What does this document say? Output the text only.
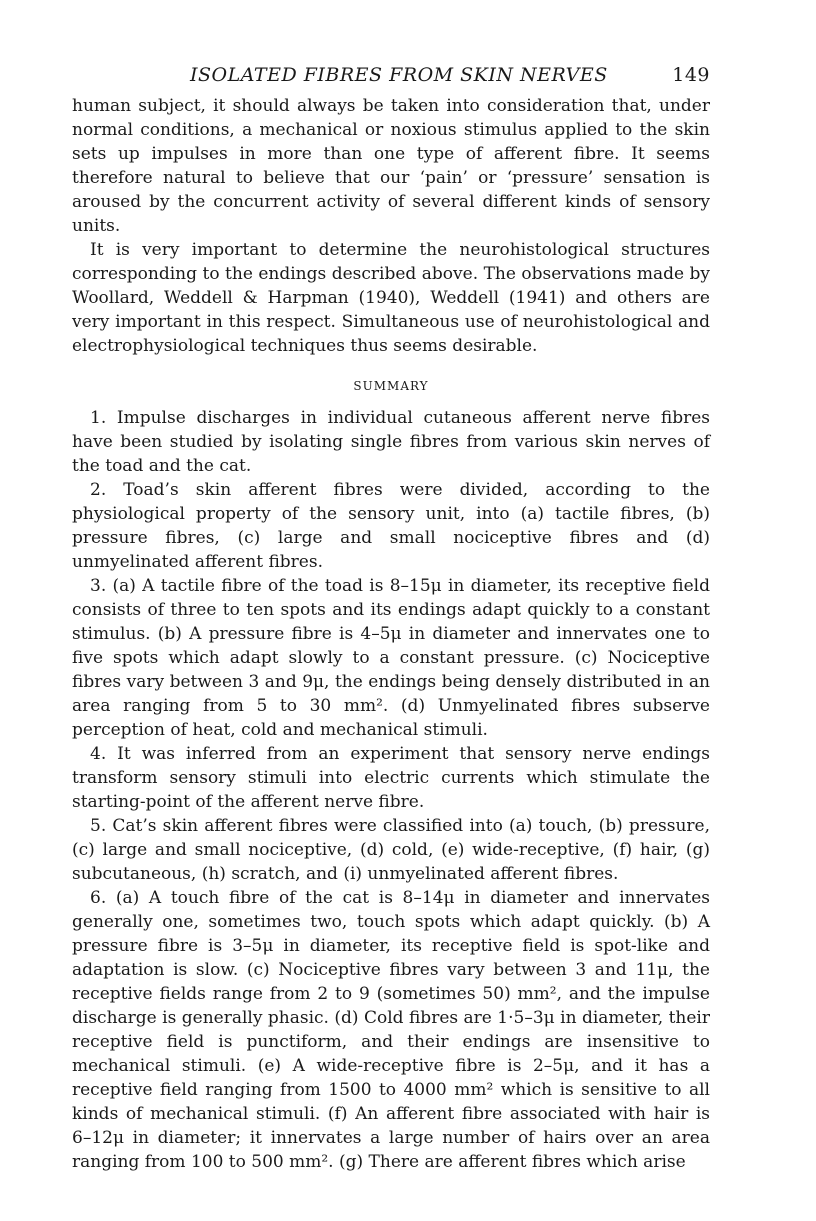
ISOLATED FIBRES FROM SKIN NERVES	149

human subject, it should always be taken into consideration that, under normal conditions, a mechanical or noxious stimulus applied to the skin sets up impulses in more than one type of afferent fibre. It seems therefore natural to believe that our ‘pain’ or ‘pressure’ sensation is aroused by the concurrent activity of several different kinds of sensory units.

It is very important to determine the neurohistological structures corresponding to the endings described above. The observations made by Woollard, Weddell & Harpman (1940), Weddell (1941) and others are very important in this respect. Simultaneous use of neurohistological and electrophysiological techniques thus seems desirable.

SUMMARY

1. Impulse discharges in individual cutaneous afferent nerve fibres have been studied by isolating single fibres from various skin nerves of the toad and the cat.

2. Toad’s skin afferent fibres were divided, according to the physiological property of the sensory unit, into (a) tactile fibres, (b) pressure fibres, (c) large and small nociceptive fibres and (d) unmyelinated afferent fibres.

3. (a) A tactile fibre of the toad is 8–15μ in diameter, its receptive field consists of three to ten spots and its endings adapt quickly to a constant stimulus. (b) A pressure fibre is 4–5μ in diameter and innervates one to five spots which adapt slowly to a constant pressure. (c) Nociceptive fibres vary between 3 and 9μ, the endings being densely distributed in an area ranging from 5 to 30 mm². (d) Unmyelinated fibres subserve perception of heat, cold and mechanical stimuli.

4. It was inferred from an experiment that sensory nerve endings transform sensory stimuli into electric currents which stimulate the starting-point of the afferent nerve fibre.

5. Cat’s skin afferent fibres were classified into (a) touch, (b) pressure, (c) large and small nociceptive, (d) cold, (e) wide-receptive, (f) hair, (g) subcutaneous, (h) scratch, and (i) unmyelinated afferent fibres.

6. (a) A touch fibre of the cat is 8–14μ in diameter and innervates generally one, sometimes two, touch spots which adapt quickly. (b) A pressure fibre is 3–5μ in diameter, its receptive field is spot-like and adaptation is slow. (c) Nociceptive fibres vary between 3 and 11μ, the receptive fields range from 2 to 9 (sometimes 50) mm², and the impulse discharge is generally phasic. (d) Cold fibres are 1·5–3μ in diameter, their receptive field is punctiform, and their endings are insensitive to mechanical stimuli. (e) A wide-receptive fibre is 2–5μ, and it has a receptive field ranging from 1500 to 4000 mm² which is sensitive to all kinds of mechanical stimuli. (f) An afferent fibre associated with hair is 6–12μ in diameter; it innervates a large number of hairs over an area ranging from 100 to 500 mm². (g) There are afferent fibres which arise
